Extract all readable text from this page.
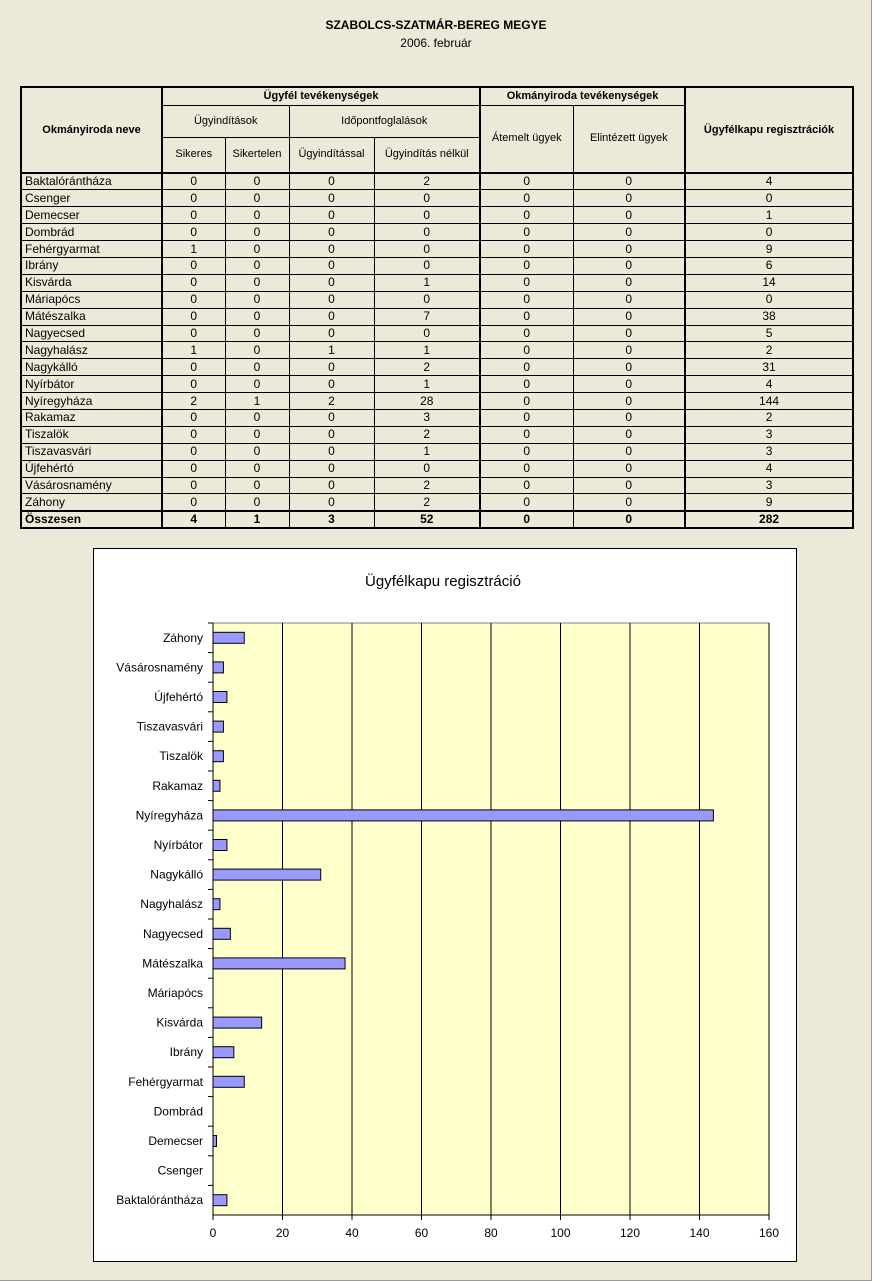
SZABOLCS-SZATMÁR-BEREG MEGYE
2006. február
Okmányiroda neve	Ügyfél tevékenységek				Okmányiroda tevékenységek		Ügyfélkapu regisztrációk
	Ügyindítások		Időpontfoglalások		Átemelt ügyek	Elintézett ügyek	
	Sikeres	Sikertelen	Ügyindítással	Ügyindítás nélkül			
Baktalórántháza	0	0	0	2	0	0	4
Csenger	0	0	0	0	0	0	0
Demecser	0	0	0	0	0	0	1
Dombrád	0	0	0	0	0	0	0
Fehérgyarmat	1	0	0	0	0	0	9
Ibrány	0	0	0	0	0	0	6
Kisvárda	0	0	0	1	0	0	14
Máriapócs	0	0	0	0	0	0	0
Mátészalka	0	0	0	7	0	0	38
Nagyecsed	0	0	0	0	0	0	5
Nagyhalász	1	0	1	1	0	0	2
Nagykálló	0	0	0	2	0	0	31
Nyírbátor	0	0	0	1	0	0	4
Nyíregyháza	2	1	2	28	0	0	144
Rakamaz	0	0	0	3	0	0	2
Tiszalök	0	0	0	2	0	0	3
Tiszavasvári	0	0	0	1	0	0	3
Újfehértó	0	0	0	0	0	0	4
Vásárosnamény	0	0	0	2	0	0	3
Záhony	0	0	0	2	0	0	9
Összesen	4	1	3	52	0	0	282
Ügyfélkapu regisztráció
0	20	40	60	80	100	120	140	160
Baktalórántháza
Csenger
Demecser
Dombrád
Fehérgyarmat
Ibrány
Kisvárda
Máriapócs
Mátészalka
Nagyecsed
Nagyhalász
Nagykálló
Nyírbátor
Nyíregyháza
Rakamaz
Tiszalök
Tiszavasvári
Újfehértó
Vásárosnamény
Záhony
